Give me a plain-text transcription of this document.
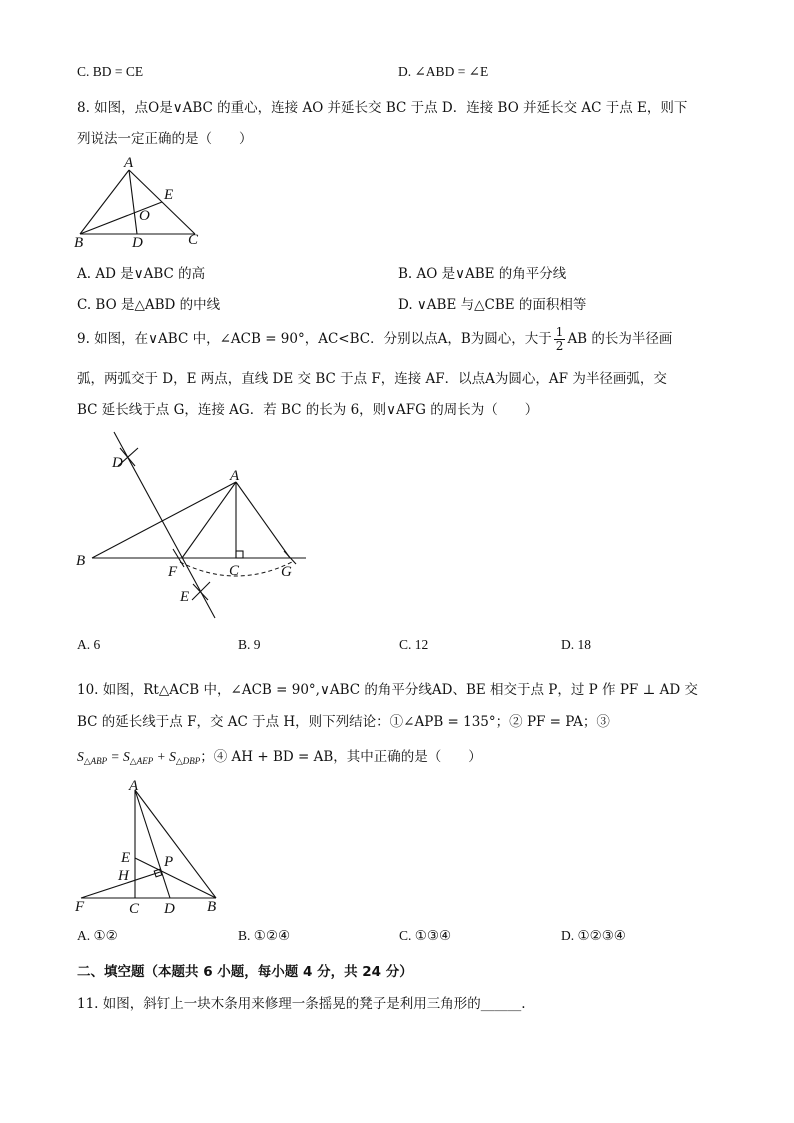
C. BD = CE	D. ∠ABD = ∠E
8. 如图，点O是∨ABC 的重心，连接 AO 并延长交 BC 于点 D．连接 BO 并延长交 AC 于点 E，则下
列说法一定正确的是（　　）
A
B	D	C
E
O
A. AD 是∨ABC 的高	B. AO 是∨ABE 的角平分线
C. BO 是△ABD 的中线	D. ∨ABE 与△CBE 的面积相等
9. 如图，在∨ABC 中，∠ACB = 90°，AC<BC．分别以点A，B为圆心，大于 $\frac{1}{2}$ AB 的长为半径画
弧，两弧交于 D，E 两点，直线 DE 交 BC 于点 F，连接 AF．以点A为圆心，AF 为半径画弧，交
BC 延长线于点 G，连接 AG．若 BC 的长为 6，则∨AFG 的周长为（　　）
A
B
C
D
E
F	G
A. 6	B. 9	C. 12	D. 18
10. 如图，Rt△ACB 中，∠ACB = 90°,∨ABC 的角平分线AD、BE 相交于点 P，过 P 作 PF ⊥ AD 交
BC 的延长线于点 F，交 AC 于点 H，则下列结论：①∠APB = 135°；② PF = PA；③
$S_{\triangle ABP} = S_{\triangle AEP} + S_{\triangle DBP}$；④ AH + BD = AB，其中正确的是（　　）
A
E
H
P
F	C D B
A. ①②	B. ①②④	C. ①③④	D. ①②③④
二、填空题（本题共 6 小题，每小题 4 分，共 24 分）
11. 如图，斜钉上一块木条用来修理一条摇晃的凳子是利用三角形的______.
